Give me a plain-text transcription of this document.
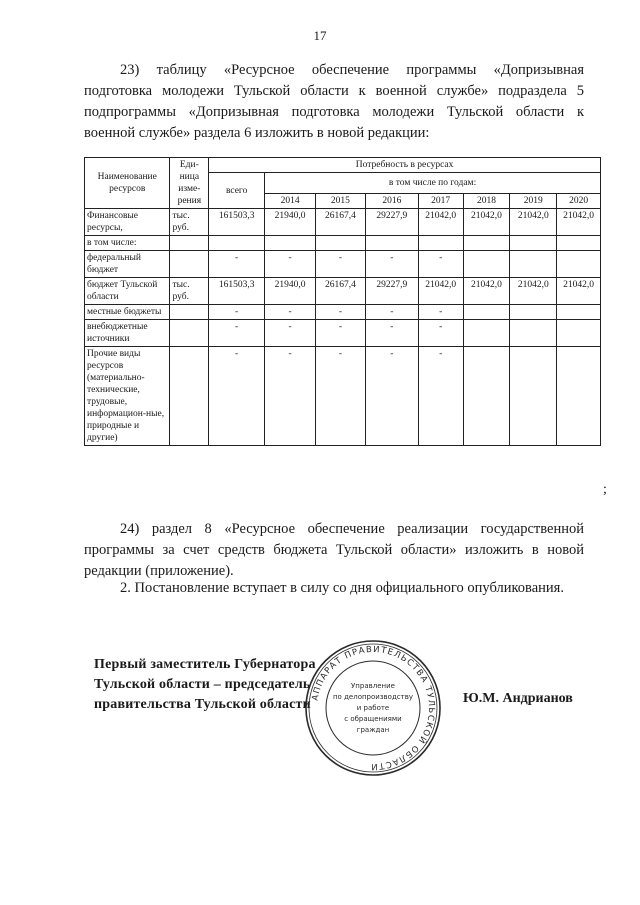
17

23) таблицу «Ресурсное обеспечение программы «Допризывная подготовка молодежи Тульской области к военной службе» подраздела 5 подпрограммы «Допризывная подготовка молодежи Тульской области к военной службе» раздела 6 изложить в новой редакции:

Наименование ресурсов	Еди-ница изме-рения	Потребность в ресурсах							
		всего	в том числе по годам:						
			2014	2015	2016	2017	2018	2019	2020
Финансовые ресурсы,	тыс. руб.	161503,3	21940,0	26167,4	29227,9	21042,0	21042,0	21042,0	21042,0
в том числе:									
федеральный бюджет		-	-	-	-	-			
бюджет Тульской области	тыс. руб.	161503,3	21940,0	26167,4	29227,9	21042,0	21042,0	21042,0	21042,0
местные бюджеты		-	-	-	-	-			
внебюджетные источники		-	-	-	-	-			
Прочие виды ресурсов (материально-технические, трудовые, информацион-ные, природные и другие)		-	-	-	-	-			
;

24) раздел 8 «Ресурсное обеспечение реализации государственной программы за счет средств бюджета Тульской области» изложить в новой редакции (приложение).

2. Постановление вступает в силу со дня официального опубликования.

Первый заместитель Губернатора
Тульской области – председатель
правительства Тульской области	Ю.М. Андрианов
АППАРАТ ПРАВИТЕЛЬСТВА ТУЛЬСКОЙ ОБЛАСТИ
Управление
по делопроизводству
и работе
с обращениями
граждан
